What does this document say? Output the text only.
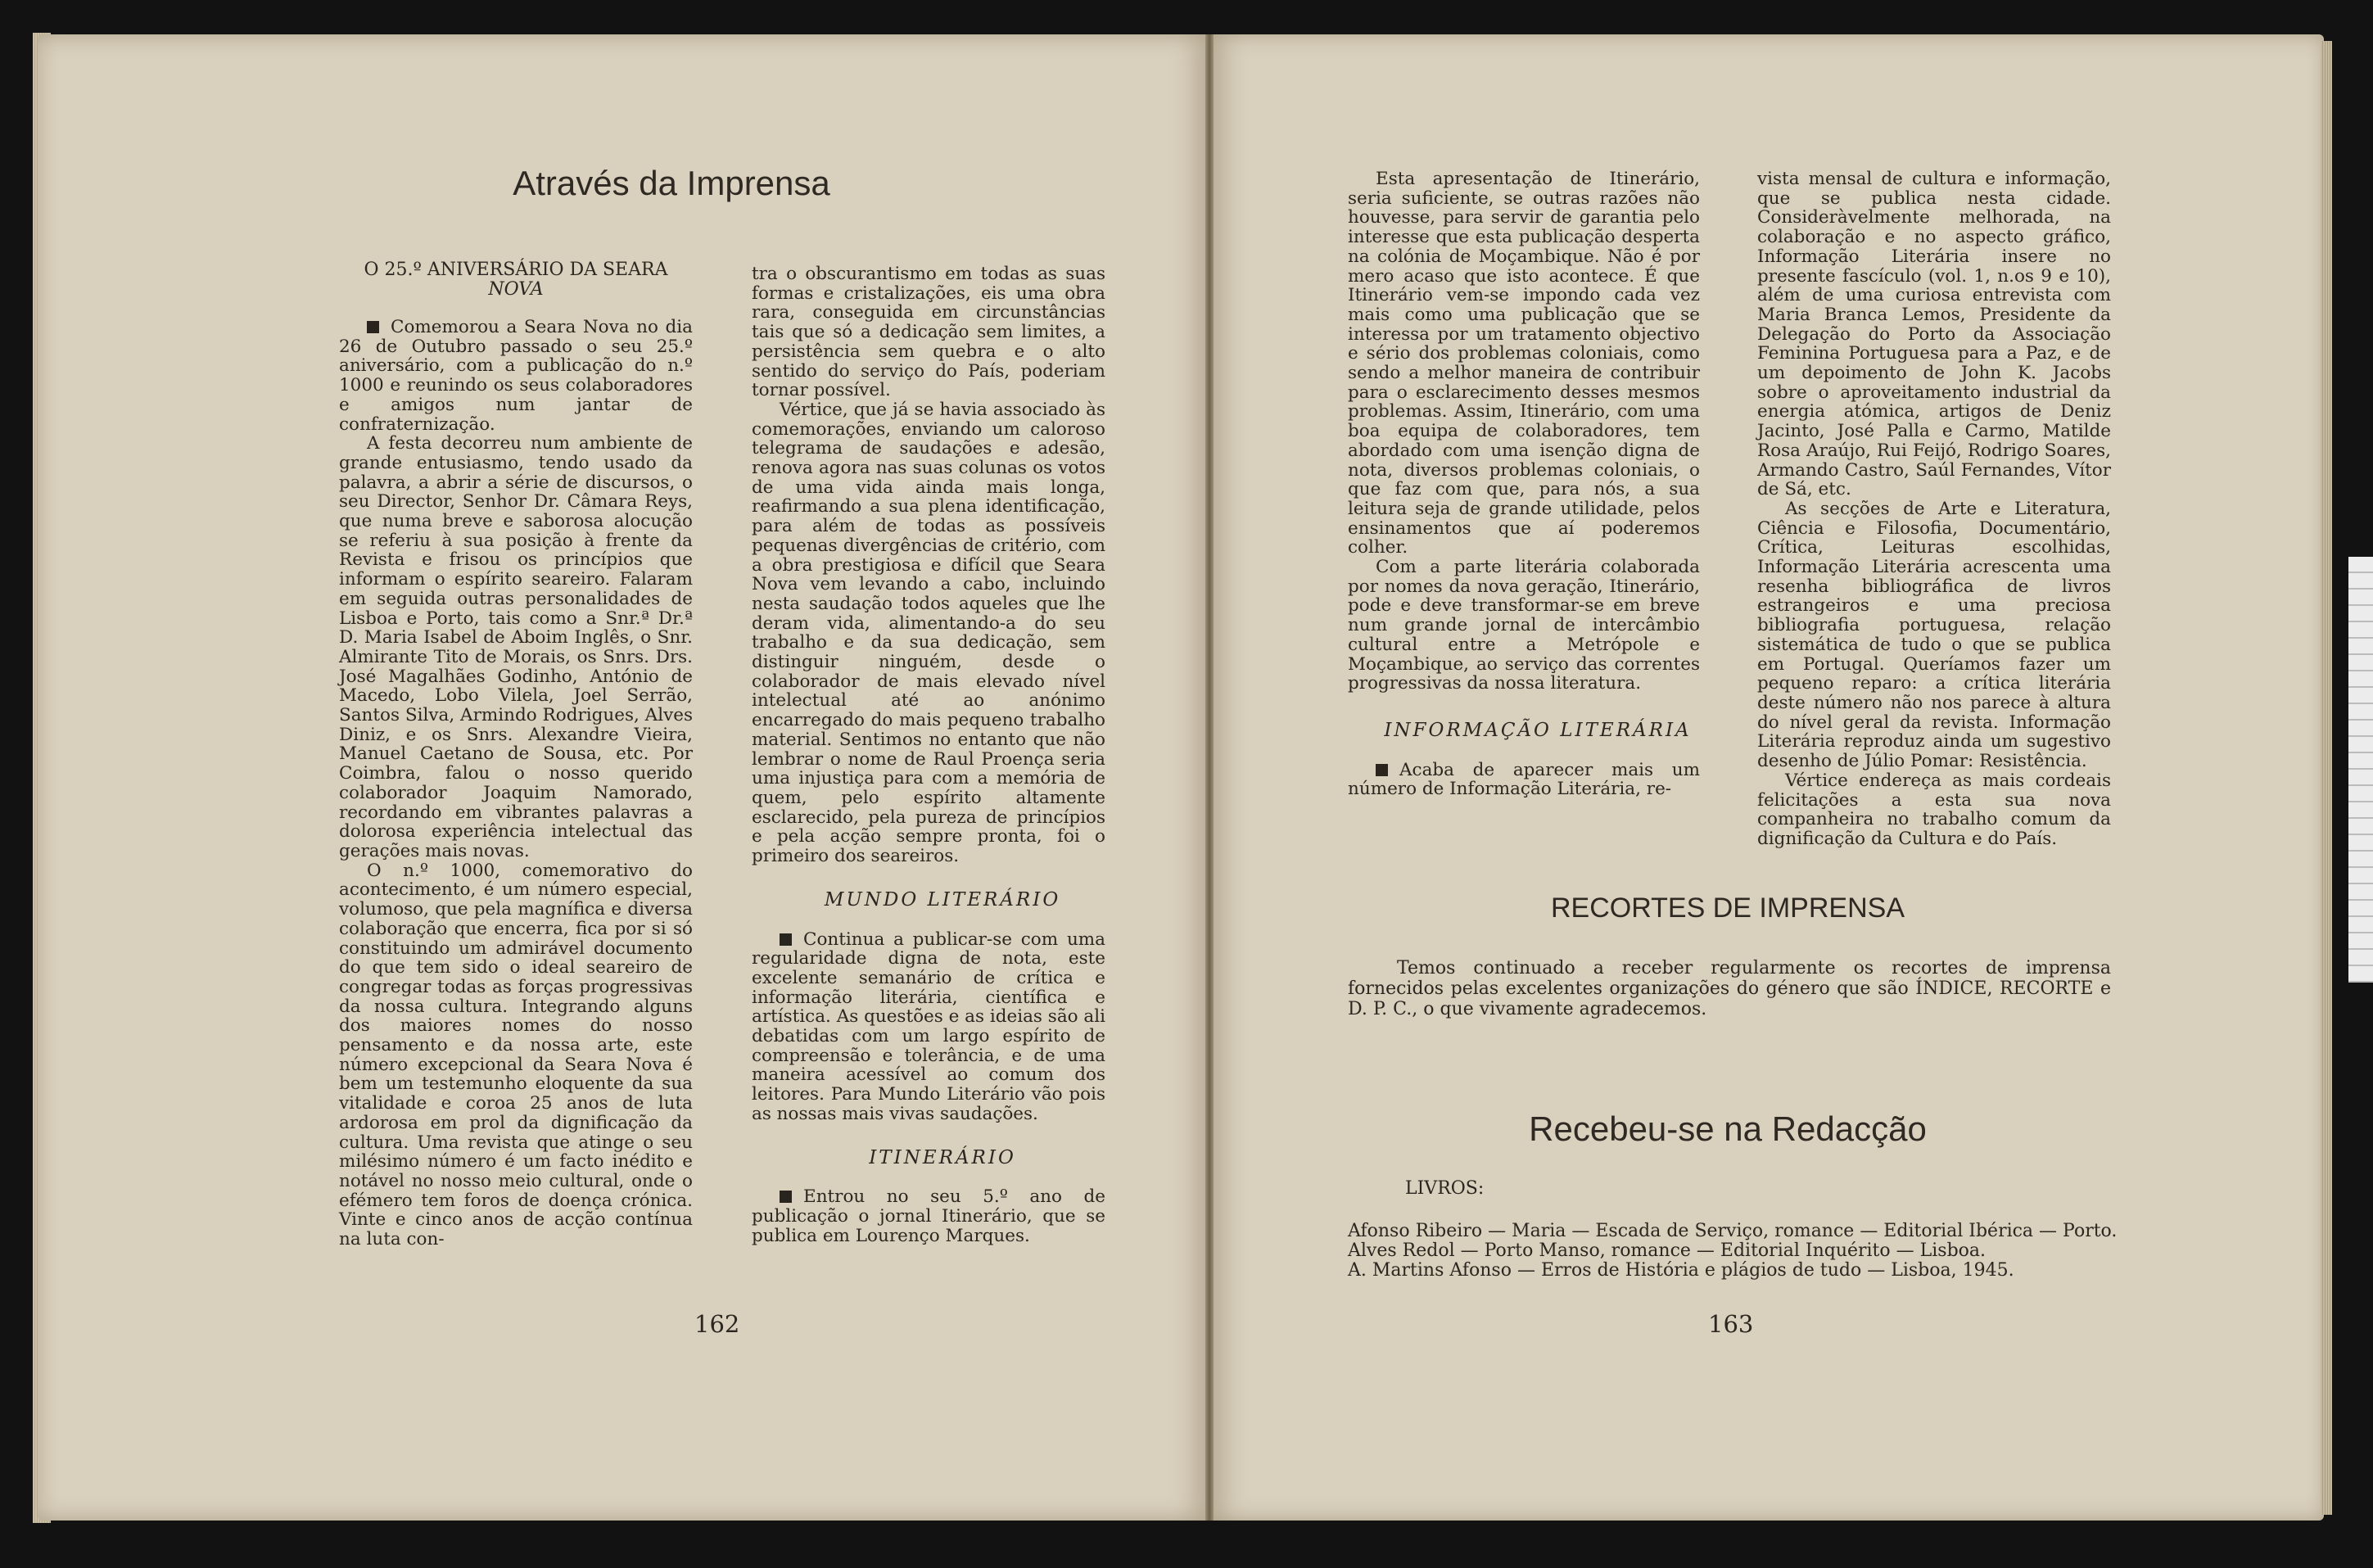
Através da Imprensa

O 25.º ANIVERSÁRIO DA SEARA
NOVA

Comemorou a Seara Nova no dia 26 de Outubro passado o seu 25.º aniversário, com a publicação do n.º 1000 e reunindo os seus colaboradores e amigos num jantar de confraternização.

A festa decorreu num ambiente de grande entusiasmo, tendo usado da palavra, a abrir a série de discursos, o seu Director, Senhor Dr. Câmara Reys, que numa breve e saborosa alocução se referiu à sua posição à frente da Revista e frisou os princípios que informam o espírito seareiro. Falaram em seguida outras personalidades de Lisboa e Porto, tais como a Snr.ª Dr.ª D. Maria Isabel de Aboim Inglês, o Snr. Almirante Tito de Morais, os Snrs. Drs. José Magalhães Godinho, António de Macedo, Lobo Vilela, Joel Serrão, Santos Silva, Armindo Rodrigues, Alves Diniz, e os Snrs. Alexandre Vieira, Manuel Caetano de Sousa, etc. Por Coimbra, falou o nosso querido colaborador Joaquim Namorado, recordando em vibrantes palavras a dolorosa experiência intelectual das gerações mais novas.

O n.º 1000, comemorativo do acontecimento, é um número especial, volumoso, que pela magnífica e diversa colaboração que encerra, fica por si só constituindo um admirável documento do que tem sido o ideal seareiro de congregar todas as forças progressivas da nossa cultura. Integrando alguns dos maiores nomes do nosso pensamento e da nossa arte, este número excepcional da Seara Nova é bem um testemunho eloquente da sua vitalidade e coroa 25 anos de luta ardorosa em prol da dignificação da cultura. Uma revista que atinge o seu milésimo número é um facto inédito e notável no nosso meio cultural, onde o efémero tem foros de doença crónica. Vinte e cinco anos de acção contínua na luta con-

tra o obscurantismo em todas as suas formas e cristalizações, eis uma obra rara, conseguida em circunstâncias tais que só a dedicação sem limites, a persistência sem quebra e o alto sentido do serviço do País, poderiam tornar possível.

Vértice, que já se havia associado às comemorações, enviando um caloroso telegrama de saudações e adesão, renova agora nas suas colunas os votos de uma vida ainda mais longa, reafirmando a sua plena identificação, para além de todas as possíveis pequenas divergências de critério, com a obra prestigiosa e difícil que Seara Nova vem levando a cabo, incluindo nesta saudação todos aqueles que lhe deram vida, alimentando-a do seu trabalho e da sua dedicação, sem distinguir ninguém, desde o colaborador de mais elevado nível intelectual até ao anónimo encarregado do mais pequeno trabalho material. Sentimos no entanto que não lembrar o nome de Raul Proença seria uma injustiça para com a memória de quem, pelo espírito altamente esclarecido, pela pureza de princípios e pela acção sempre pronta, foi o primeiro dos seareiros.

MUNDO LITERÁRIO

Continua a publicar-se com uma regularidade digna de nota, este excelente semanário de crítica e informação literária, científica e artística. As questões e as ideias são ali debatidas com um largo espírito de compreensão e tolerância, e de uma maneira acessível ao comum dos leitores. Para Mundo Literário vão pois as nossas mais vivas saudações.

ITINERÁRIO

Entrou no seu 5.º ano de publicação o jornal Itinerário, que se publica em Lourenço Marques.

162

Esta apresentação de Itinerário, seria suficiente, se outras razões não houvesse, para servir de garantia pelo interesse que esta publicação desperta na colónia de Moçambique. Não é por mero acaso que isto acontece. É que Itinerário vem-se impondo cada vez mais como uma publicação que se interessa por um tratamento objectivo e sério dos problemas coloniais, como sendo a melhor maneira de contribuir para o esclarecimento desses mesmos problemas. Assim, Itinerário, com uma boa equipa de colaboradores, tem abordado com uma isenção digna de nota, diversos problemas coloniais, o que faz com que, para nós, a sua leitura seja de grande utilidade, pelos ensinamentos que aí poderemos colher.

Com a parte literária colaborada por nomes da nova geração, Itinerário, pode e deve transformar-se em breve num grande jornal de intercâmbio cultural entre a Metrópole e Moçambique, ao serviço das correntes progressivas da nossa literatura.

INFORMAÇÃO LITERÁRIA

Acaba de aparecer mais um número de Informação Literária, re-

vista mensal de cultura e informação, que se publica nesta cidade. Consideràvelmente melhorada, na colaboração e no aspecto gráfico, Informação Literária insere no presente fascículo (vol. 1, n.os 9 e 10), além de uma curiosa entrevista com Maria Branca Lemos, Presidente da Delegação do Porto da Associação Feminina Portuguesa para a Paz, e de um depoimento de John K. Jacobs sobre o aproveitamento industrial da energia atómica, artigos de Deniz Jacinto, José Palla e Carmo, Matilde Rosa Araújo, Rui Feijó, Rodrigo Soares, Armando Castro, Saúl Fernandes, Vítor de Sá, etc.

As secções de Arte e Literatura, Ciência e Filosofia, Documentário, Crítica, Leituras escolhidas, Informação Literária acrescenta uma resenha bibliográfica de livros estrangeiros e uma preciosa bibliografia portuguesa, relação sistemática de tudo o que se publica em Portugal. Queríamos fazer um pequeno reparo: a crítica literária deste número não nos parece à altura do nível geral da revista. Informação Literária reproduz ainda um sugestivo desenho de Júlio Pomar: Resistência.

Vértice endereça as mais cordeais felicitações a esta sua nova companheira no trabalho comum da dignificação da Cultura e do País.

RECORTES DE IMPRENSA

Temos continuado a receber regularmente os recortes de imprensa fornecidos pelas excelentes organizações do género que são ÍNDICE, RECORTE e D. P. C., o que vivamente agradecemos.

Recebeu-se na Redacção
LIVROS:

Afonso Ribeiro — Maria — Escada de Serviço, romance — Editorial Ibérica — Porto.

Alves Redol — Porto Manso, romance — Editorial Inquérito — Lisboa.

A. Martins Afonso — Erros de História e plágios de tudo — Lisboa, 1945.

163
